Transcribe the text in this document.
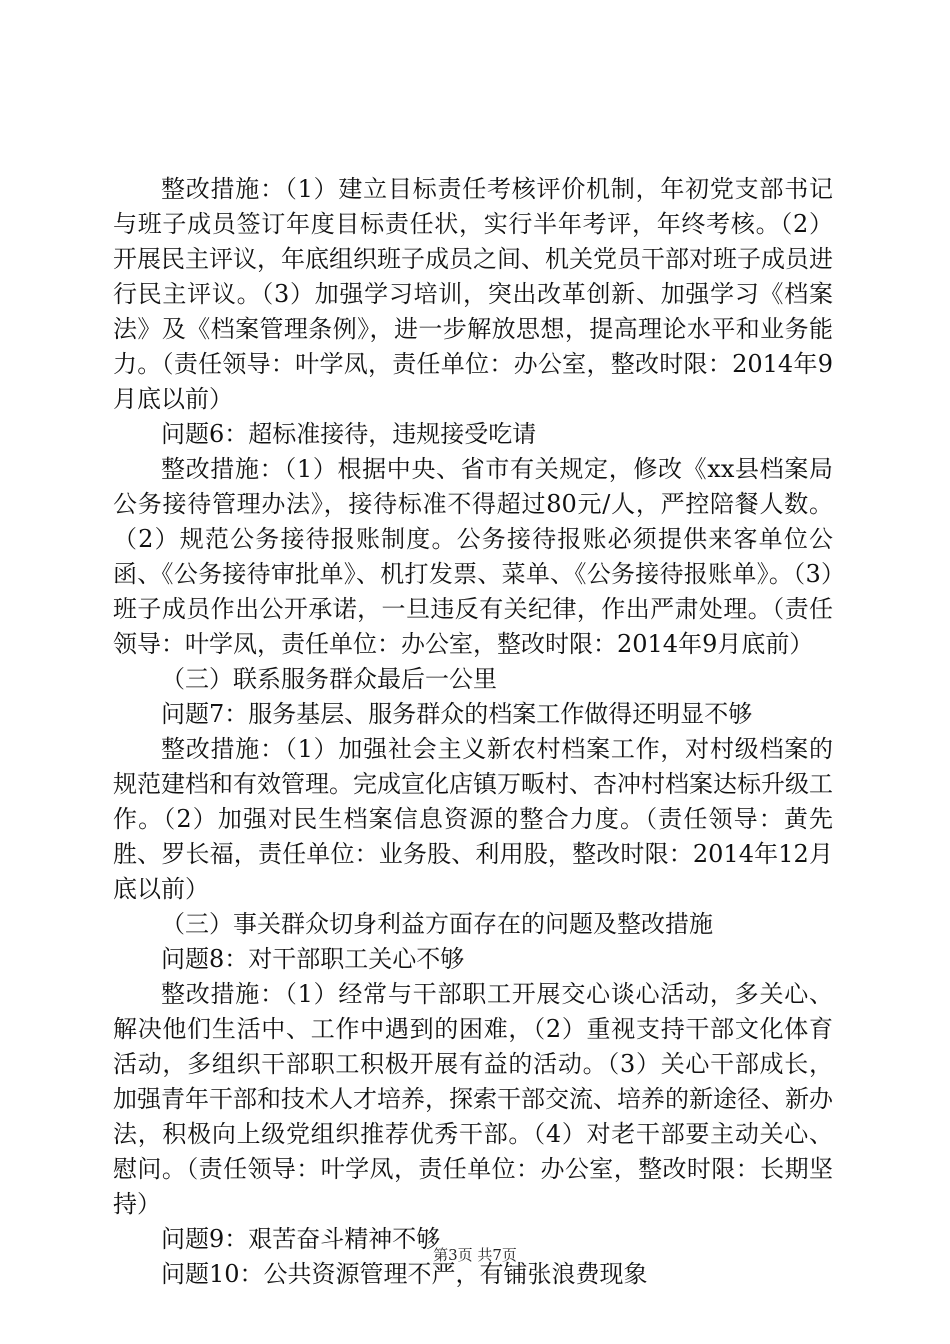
整改措施：（1）建立目标责任考核评价机制，年初党支部书记与班子成员签订年度目标责任状，实行半年考评，年终考核。（2）开展民主评议，年底组织班子成员之间、机关党员干部对班子成员进行民主评议。（3）加强学习培训，突出改革创新、加强学习《档案法》及《档案管理条例》，进一步解放思想，提高理论水平和业务能力。（责任领导：叶学凤，责任单位：办公室，整改时限：2014年9月底以前）

问题6：超标准接待，违规接受吃请

整改措施：（1）根据中央、省市有关规定，修改《xx县档案局公务接待管理办法》，接待标准不得超过80元/人，严控陪餐人数。（2）规范公务接待报账制度。公务接待报账必须提供来客单位公函、《公务接待审批单》、机打发票、菜单、《公务接待报账单》。（3）班子成员作出公开承诺，一旦违反有关纪律，作出严肃处理。（责任领导：叶学凤，责任单位：办公室，整改时限：2014年9月底前）

（三）联系服务群众最后一公里

问题7：服务基层、服务群众的档案工作做得还明显不够

整改措施：（1）加强社会主义新农村档案工作，对村级档案的规范建档和有效管理。完成宣化店镇万畈村、杏冲村档案达标升级工作。（2）加强对民生档案信息资源的整合力度。（责任领导：黄先胜、罗长福，责任单位：业务股、利用股，整改时限：2014年12月底以前）

（三）事关群众切身利益方面存在的问题及整改措施

问题8：对干部职工关心不够

整改措施：（1）经常与干部职工开展交心谈心活动，多关心、解决他们生活中、工作中遇到的困难，（2）重视支持干部文化体育活动，多组织干部职工积极开展有益的活动。（3）关心干部成长，加强青年干部和技术人才培养，探索干部交流、培养的新途径、新办法，积极向上级党组织推荐优秀干部。（4）对老干部要主动关心、慰问。（责任领导：叶学凤，责任单位：办公室，整改时限：长期坚持）

问题9：艰苦奋斗精神不够

问题10：公共资源管理不严，有铺张浪费现象

第3页 共7页
